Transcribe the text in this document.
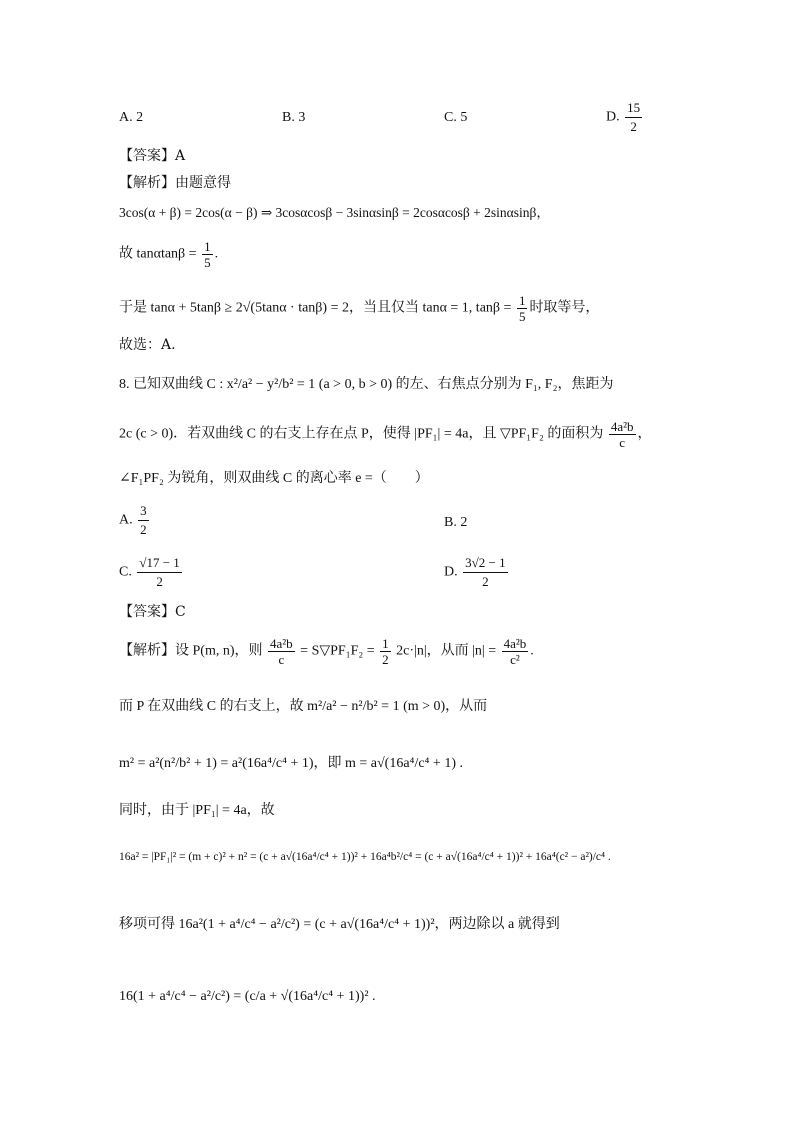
A. 2	B. 3	C. 5	D. $\frac{15}{2}$
【答案】A
【解析】由题意得
3cos(α + β) = 2cos(α − β) ⇒ 3cosαcosβ − 3sinαsinβ = 2cosαcosβ + 2sinαsinβ，
故 $\tan\alpha\tan\beta = \frac{1}{5}$ .
于是 tanα + 5tanβ ≥ 2√(5tanα · tanβ) = 2，当且仅当 tanα = 1, $\tan\beta = \frac{1}{5}$ 时取等号，
故选：A.
8. 已知双曲线 C : x²/a² − y²/b² = 1 (a > 0, b > 0) 的左、右焦点分别为 F₁, F₂，焦距为
2c (c > 0)．若双曲线 C 的右支上存在点 P，使得 |PF₁| = 4a，且 ▽PF₁F₂ 的面积为 $\frac{\text{4a²b}}{c}$ ，
∠F₁PF₂ 为锐角，则双曲线 C 的离心率 e =（　　）
A. $\frac{3}{2}$	B. 2
C. $\frac{√17 - 1}{2}$	D. $\frac{3√2 - 1}{2}$
【答案】C
【解析】设 P(m, n)，则 $\frac{\text{4a²b}}{c}$ = S▽PF₁F₂ = $\frac{1}{2} 2c\cdot|n|$，从而 $|n| = \frac{\text{4a²b}}{\text{c²}}$ .
而 P 在双曲线 C 的右支上，故 m²/a² − n²/b² = 1 (m > 0)，从而
m² = a²(n²/b² + 1) = a²(16a⁴/c⁴ + 1)，即 m = a√(16a⁴/c⁴ + 1) .
同时，由于 |PF₁| = 4a，故
16a² = |PF₁|² = (m + c)² + n² = (c + a√(16a⁴/c⁴ + 1))² + 16a⁴b²/c⁴ = (c + a√(16a⁴/c⁴ + 1))² + 16a⁴(c² − a²)/c⁴ .
移项可得 16a²(1 + a⁴/c⁴ − a²/c²) = (c + a√(16a⁴/c⁴ + 1))²，两边除以 a 就得到
16(1 + a⁴/c⁴ − a²/c²) = (c/a + √(16a⁴/c⁴ + 1))² .
